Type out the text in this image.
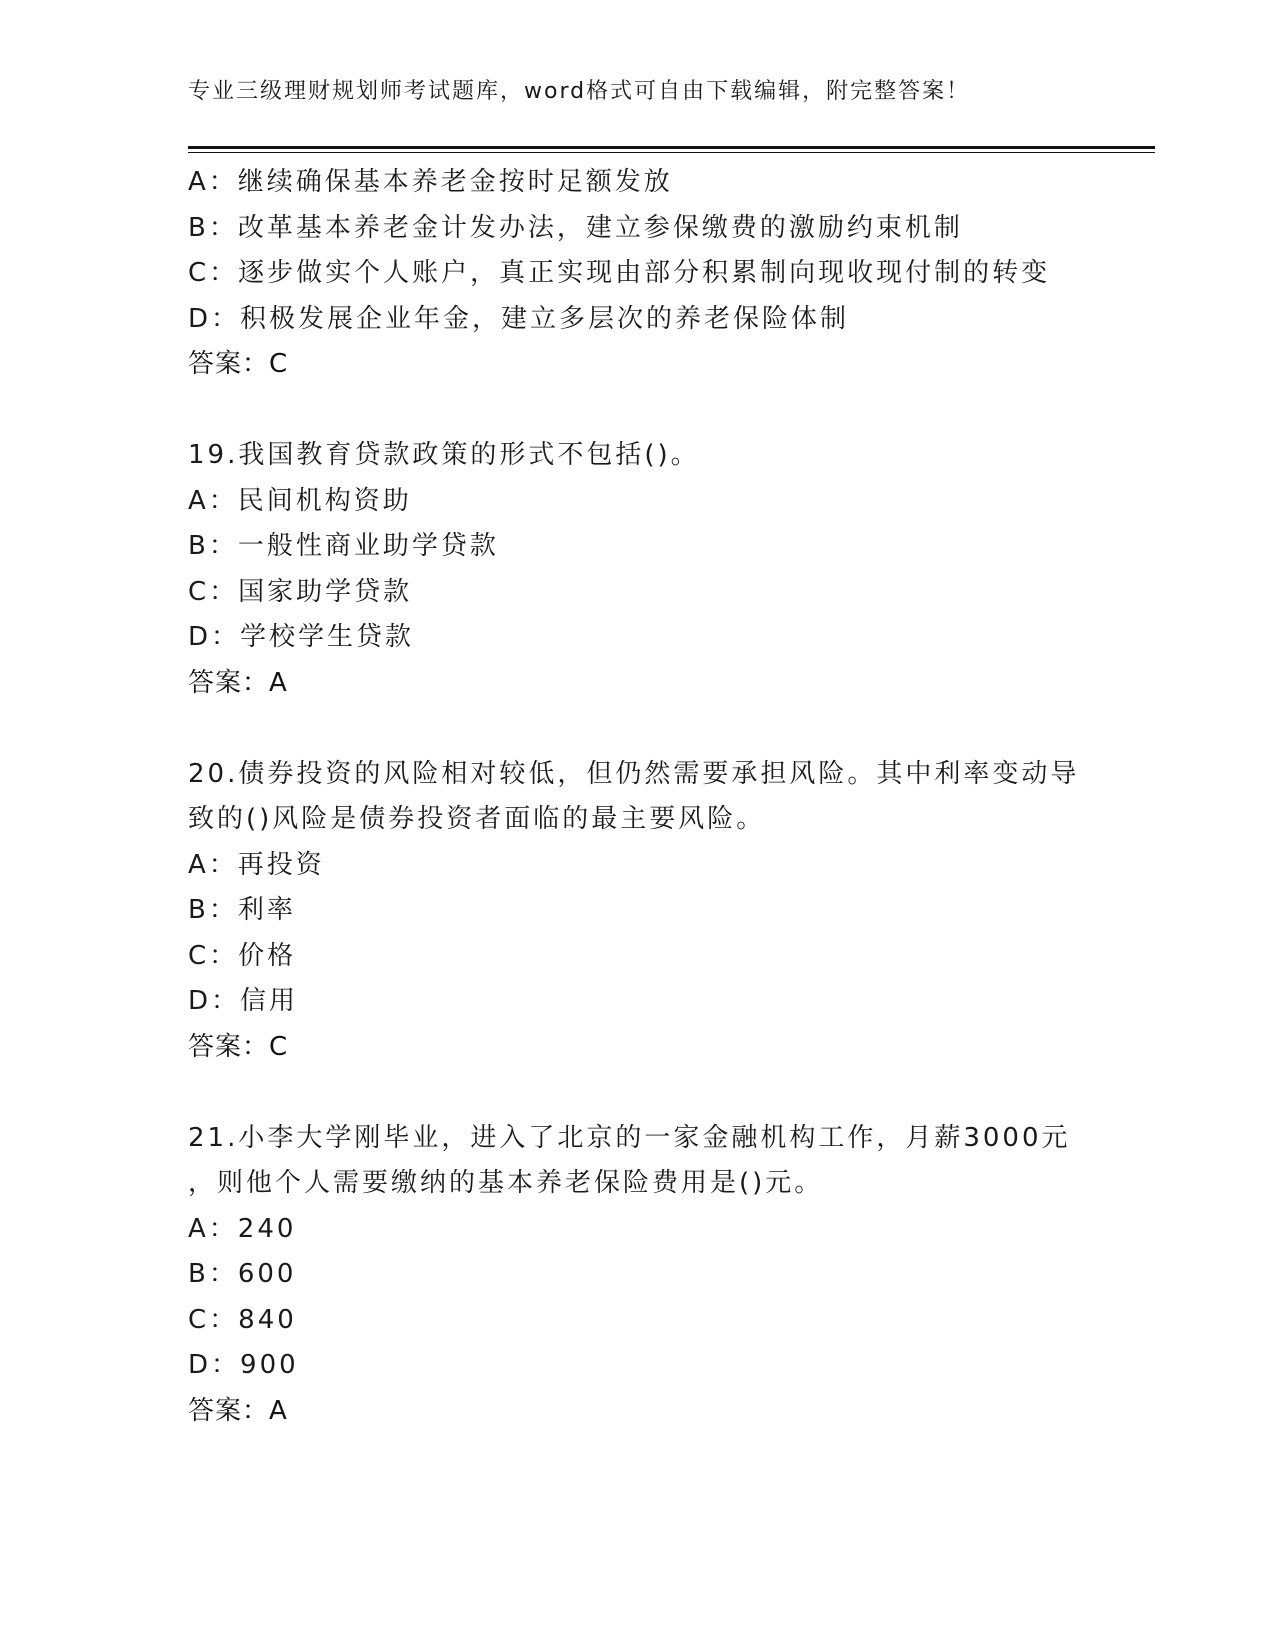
专业三级理财规划师考试题库，word格式可自由下载编辑，附完整答案！
A：继续确保基本养老金按时足额发放
B：改革基本养老金计发办法，建立参保缴费的激励约束机制
C：逐步做实个人账户，真正实现由部分积累制向现收现付制的转变
D：积极发展企业年金，建立多层次的养老保险体制
答案：C
19.我国教育贷款政策的形式不包括()。
A：民间机构资助
B：一般性商业助学贷款
C：国家助学贷款
D：学校学生贷款
答案：A
20.债券投资的风险相对较低，但仍然需要承担风险。其中利率变动导
致的()风险是债券投资者面临的最主要风险。
A：再投资
B：利率
C：价格
D：信用
答案：C
21.小李大学刚毕业，进入了北京的一家金融机构工作，月薪3000元
，则他个人需要缴纳的基本养老保险费用是()元。
A：240
B：600
C：840
D：900
答案：A
